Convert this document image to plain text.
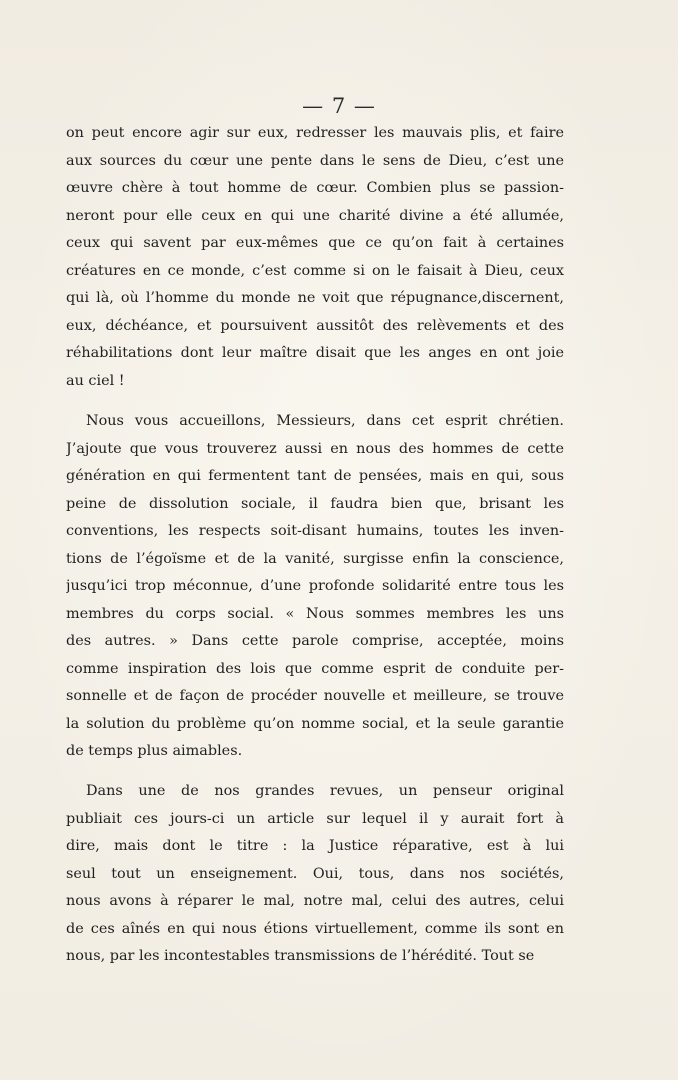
— 7 —
on peut encore agir sur eux, redresser les mauvais plis, et faire
aux sources du cœur une pente dans le sens de Dieu, c’est une
œuvre chère à tout homme de cœur. Combien plus se passion-
neront pour elle ceux en qui une charité divine a été allumée,
ceux qui savent par eux-mêmes que ce qu’on fait à certaines
créatures en ce monde, c’est comme si on le faisait à Dieu, ceux
qui là, où l’homme du monde ne voit que répugnance,discernent,
eux, déchéance, et poursuivent aussitôt des relèvements et des
réhabilitations dont leur maître disait que les anges en ont joie
au ciel !
Nous vous accueillons, Messieurs, dans cet esprit chrétien.
J’ajoute que vous trouverez aussi en nous des hommes de cette
génération en qui fermentent tant de pensées, mais en qui, sous
peine de dissolution sociale, il faudra bien que, brisant les
conventions, les respects soit-disant humains, toutes les inven-
tions de l’égoïsme et de la vanité, surgisse enfin la conscience,
jusqu’ici trop méconnue, d’une profonde solidarité entre tous les
membres du corps social. « Nous sommes membres les uns
des autres. » Dans cette parole comprise, acceptée, moins
comme inspiration des lois que comme esprit de conduite per-
sonnelle et de façon de procéder nouvelle et meilleure, se trouve
la solution du problème qu’on nomme social, et la seule garantie
de temps plus aimables.
Dans une de nos grandes revues, un penseur original
publiait ces jours-ci un article sur lequel il y aurait fort à
dire, mais dont le titre : la Justice réparative, est à lui
seul tout un enseignement. Oui, tous, dans nos sociétés,
nous avons à réparer le mal, notre mal, celui des autres, celui
de ces aînés en qui nous étions virtuellement, comme ils sont en
nous, par les incontestables transmissions de l’hérédité. Tout se
